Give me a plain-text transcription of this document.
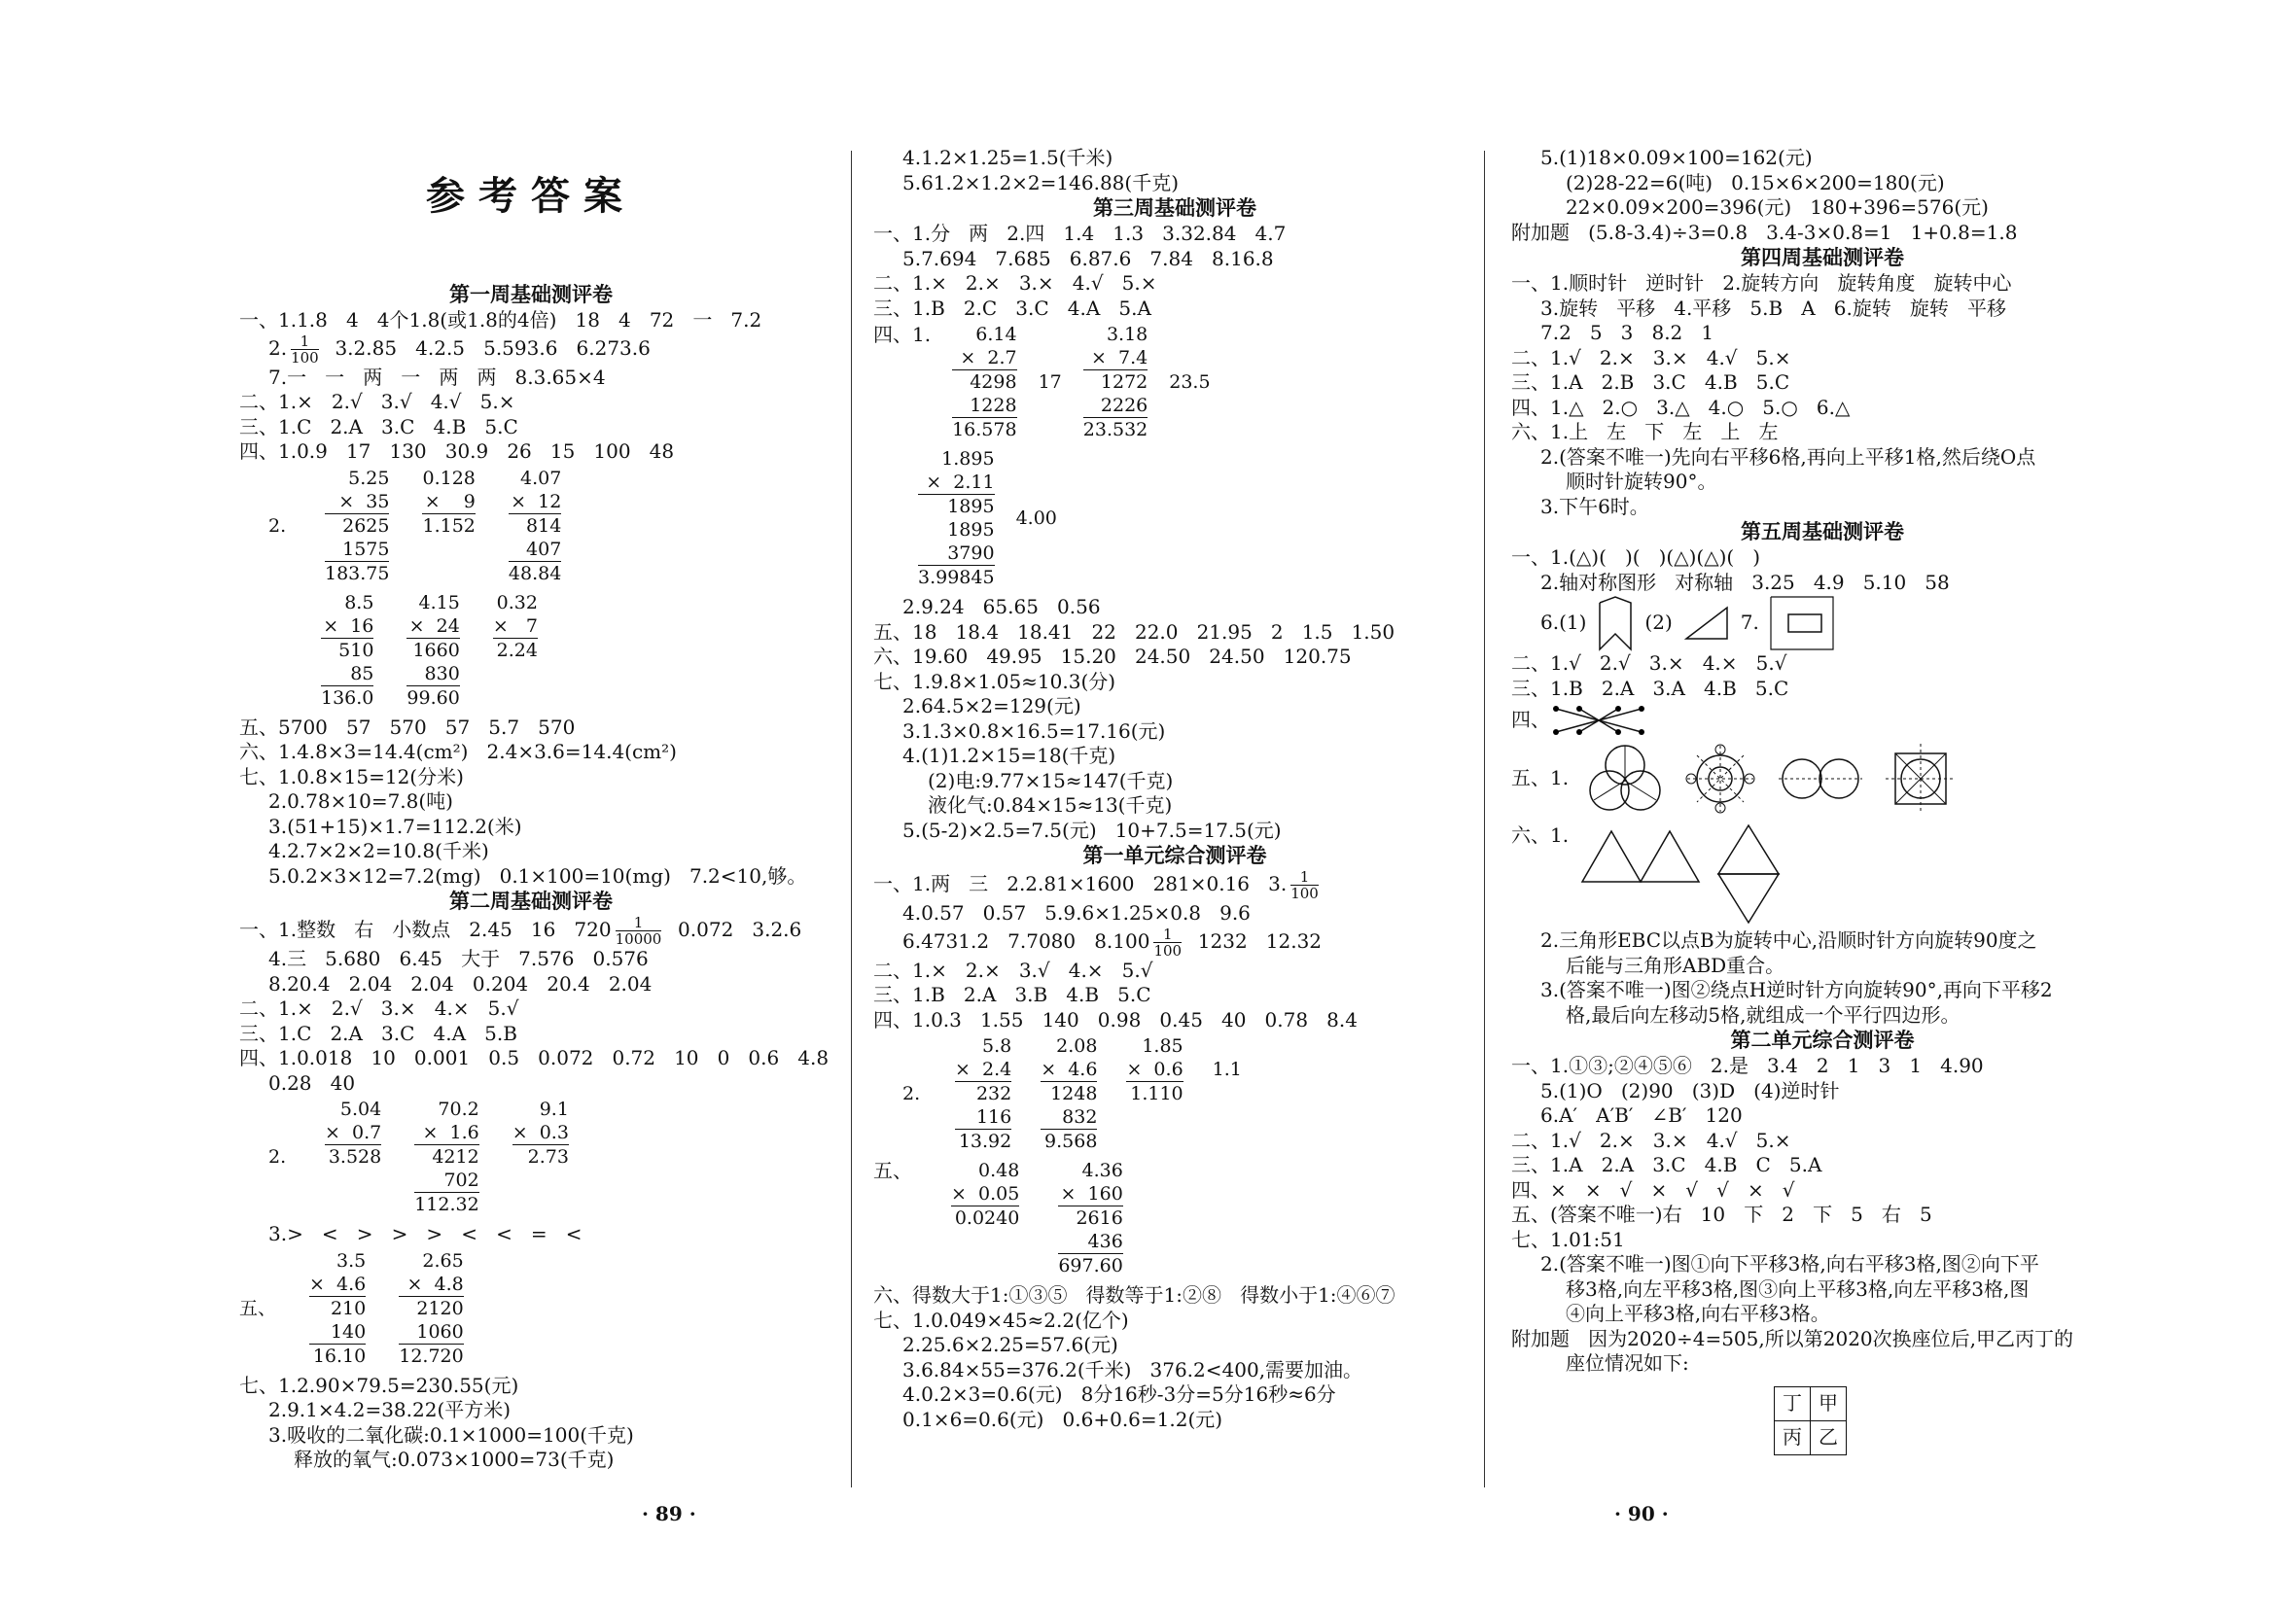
参考答案
第一周基础测评卷
一、1.1.8   4   4个1.8(或1.8的4倍)   18   4   72   一   7.2
2. $\frac{1}{100} 3.2.85$   4.2.5   5.593.6   6.273.6
7.一   一   两   一   两   两   8.3.65×4
二、1.×   2.√   3.√   4.√   5.×
三、1.C   2.A   3.C   4.B   5.C
四、1.0.9   17   130   30.9   26   15   100   48
2.
5.25
×  35
2625
1575
183.75
0.128
×    9
1.152
4.07
×  12
814
407
48.84
8.5
×  16
510
85
136.0
4.15
×  24
1660
830
99.60
0.32
×   7
2.24
五、5700   57   570   57   5.7   570
六、1.4.8×3=14.4(cm²)   2.4×3.6=14.4(cm²)
七、1.0.8×15=12(分米)
2.0.78×10=7.8(吨)
3.(51+15)×1.7=112.2(米)
4.2.7×2×2=10.8(千米)
5.0.2×3×12=7.2(mg)   0.1×100=10(mg)   7.2<10,够。
第二周基础测评卷
一、1.整数   右   小数点   2.45   16   $720 \frac{1}{10000} 0.072$   3.2.6
4.三   5.680   6.45   大于   7.576   0.576
8.20.4   2.04   2.04   0.204   20.4   2.04
二、1.×   2.√   3.×   4.×   5.√
三、1.C   2.A   3.C   4.A   5.B
四、1.0.018   10   0.001   0.5   0.072   0.72   10   0   0.6   4.8
0.28   40
2.
5.04
×  0.7
3.528
70.2
×  1.6
4212
702
112.32
9.1
×  0.3
2.73
3.>   <   >   >   >   <   <   =   <
五、
3.5
×  4.6
210
140
16.10
2.65
×  4.8
2120
1060
12.720
七、1.2.90×79.5=230.55(元)
2.9.1×4.2=38.22(平方米)
3.吸收的二氧化碳:0.1×1000=100(千克)
释放的氧气:0.073×1000=73(千克)
4.1.2×1.25=1.5(千米)
5.61.2×1.2×2=146.88(千克)
第三周基础测评卷
一、1.分   两   2.四   1.4   1.3   3.32.84   4.7
5.7.694   7.685   6.87.6   7.84   8.16.8
二、1.×   2.×   3.×   4.√   5.×
三、1.B   2.C   3.C   4.A   5.A
四、1.	6.14
×  2.7
4298
1228
16.578
17
3.18
×  7.4
1272
2226
23.532
23.5
1.895
×  2.11
1895
1895
3790
3.99845
4.00
2.9.24   65.65   0.56
五、18   18.4   18.41   22   22.0   21.95   2   1.5   1.50
六、19.60   49.95   15.20   24.50   24.50   120.75
七、1.9.8×1.05≈10.3(分)
2.64.5×2=129(元)
3.1.3×0.8×16.5=17.16(元)
4.(1)1.2×15=18(千克)
(2)电:9.77×15≈147(千克)
液化气:0.84×15≈13(千克)
5.(5-2)×2.5=7.5(元)   10+7.5=17.5(元)
第一单元综合测评卷
一、1.两   三   2.2.81×1600   281×0.16   3. $\frac{1}{100}$
4.0.57   0.57   5.9.6×1.25×0.8   9.6
6.4731.2   7.7080   $8.100 \frac{1}{100} 1232$   12.32
二、1.×   2.×   3.√   4.×   5.√
三、1.B   2.A   3.B   4.B   5.C
四、1.0.3   1.55   140   0.98   0.45   40   0.78   8.4
2.
5.8
×  2.4
232
116
13.92
2.08
×  4.6
1248
832
9.568
1.85
×  0.6
1.110
1.1
五、	0.48
×  0.05
0.0240
4.36
×  160
2616
436
697.60
六、得数大于1:①③⑤   得数等于1:②⑧   得数小于1:④⑥⑦
七、1.0.049×45≈2.2(亿个)
2.25.6×2.25=57.6(元)
3.6.84×55=376.2(千米)   376.2<400,需要加油。
4.0.2×3=0.6(元)   8分16秒-3分=5分16秒≈6分
0.1×6=0.6(元)   0.6+0.6=1.2(元)
5.(1)18×0.09×100=162(元)
(2)28-22=6(吨)   0.15×6×200=180(元)
22×0.09×200=396(元)   180+396=576(元)
附加题   (5.8-3.4)÷3=0.8   3.4-3×0.8=1   1+0.8=1.8
第四周基础测评卷
一、1.顺时针   逆时针   2.旋转方向   旋转角度   旋转中心
3.旋转   平移   4.平移   5.B   A   6.旋转   旋转   平移
7.2   5   3   8.2   1
二、1.√   2.×   3.×   4.√   5.×
三、1.A   2.B   3.C   4.B   5.C
四、1.△   2.○   3.△   4.○   5.○   6.△
六、1.上   左   下   左   上   左
2.(答案不唯一)先向右平移6格,再向上平移1格,然后绕O点
顺时针旋转90°。
3.下午6时。
第五周基础测评卷
一、1.(△)(   )(   )(△)(△)(   )
2.轴对称图形   对称轴   3.25   4.9   5.10   58
6.(1)	(2)	7.
二、1.√   2.√   3.×   4.×   5.√
三、1.B   2.A   3.A   4.B   5.C
四、
五、1.
六、1.
2.三角形EBC以点B为旋转中心,沿顺时针方向旋转90度之
后能与三角形ABD重合。
3.(答案不唯一)图②绕点H逆时针方向旋转90°,再向下平移2
格,最后向左移动5格,就组成一个平行四边形。
第二单元综合测评卷
一、1.①③;②④⑤⑥   2.是   3.4   2   1   3   1   4.90
5.(1)O   (2)90   (3)D   (4)逆时针
6.A′   A′B′   ∠B′   120
二、1.√   2.×   3.×   4.√   5.×
三、1.A   2.A   3.C   4.B   C   5.A
四、×   ×   √   ×   √   √   ×   √
五、(答案不唯一)右   10   下   2   下   5   右   5
七、1.01:51
2.(答案不唯一)图①向下平移3格,向右平移3格,图②向下平
移3格,向左平移3格,图③向上平移3格,向左平移3格,图
④向上平移3格,向右平移3格。
附加题   因为2020÷4=505,所以第2020次换座位后,甲乙丙丁的
座位情况如下:
丁	甲
丙	乙
· 89 ·	· 90 ·
